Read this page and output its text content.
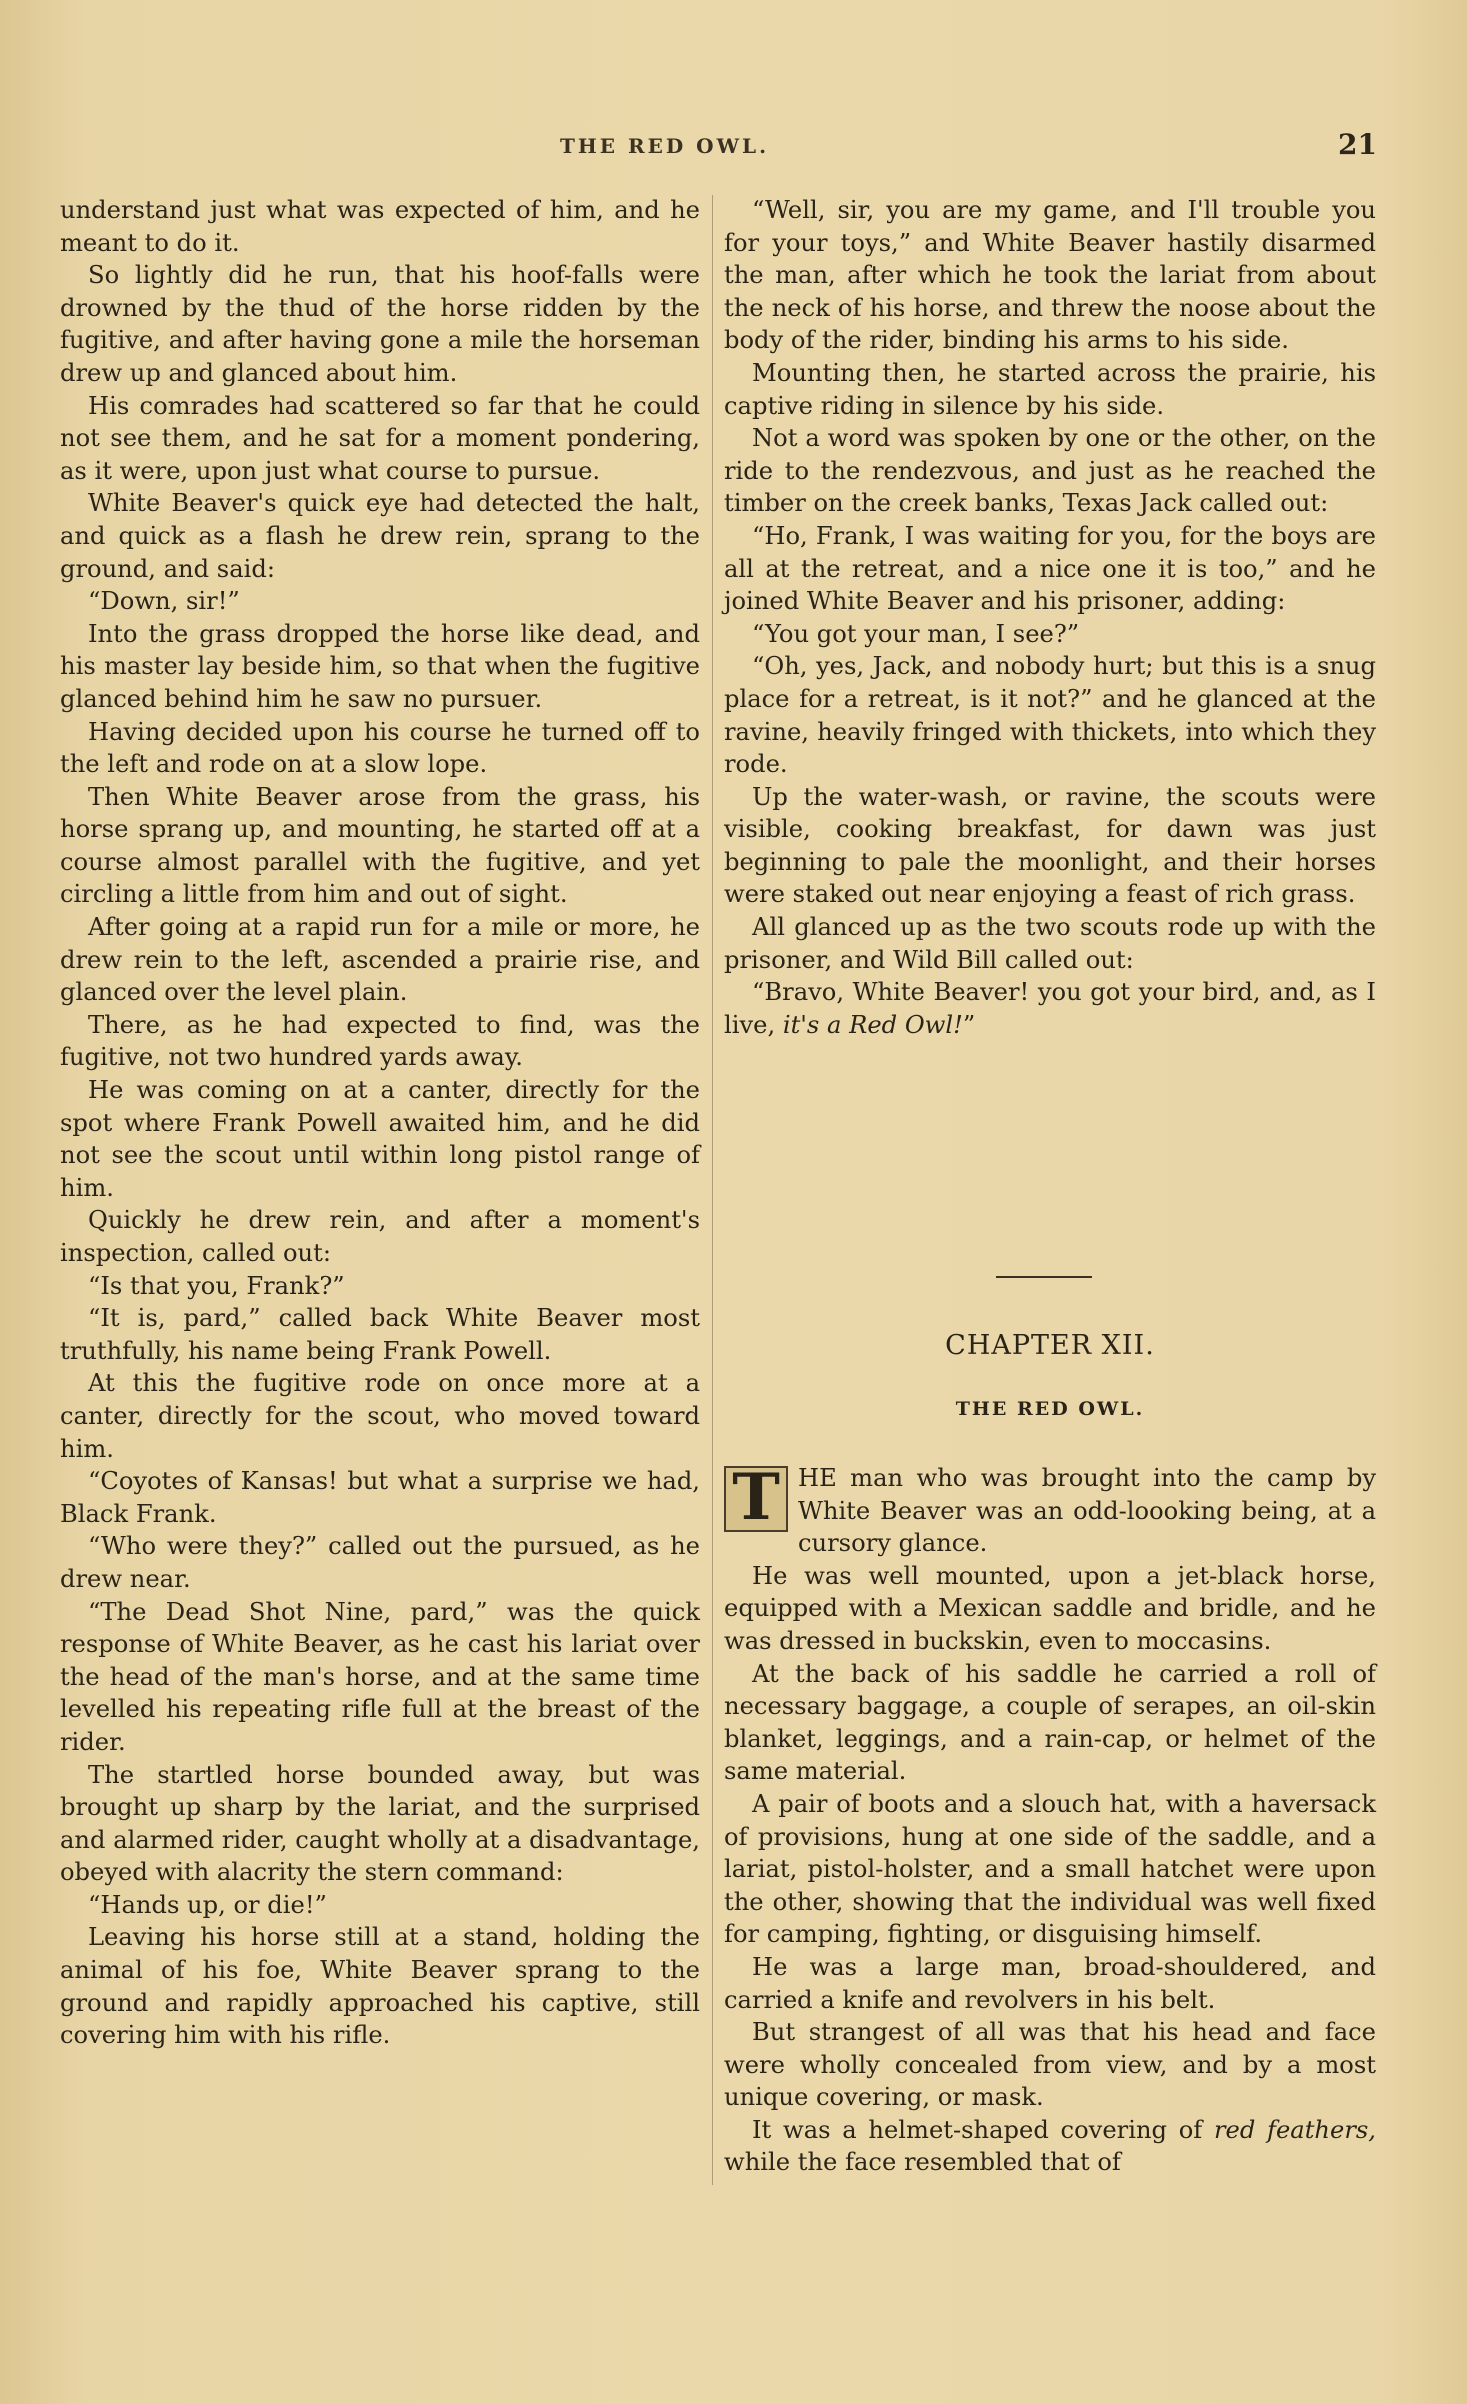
THE RED OWL.	21

understand just what was expected of him, and he meant to do it.

So lightly did he run, that his hoof-falls were drowned by the thud of the horse ridden by the fugitive, and after having gone a mile the horseman drew up and glanced about him.

His comrades had scattered so far that he could not see them, and he sat for a moment pondering, as it were, upon just what course to pursue.

White Beaver's quick eye had detected the halt, and quick as a flash he drew rein, sprang to the ground, and said:

“Down, sir!”

Into the grass dropped the horse like dead, and his master lay beside him, so that when the fugitive glanced behind him he saw no pursuer.

Having decided upon his course he turned off to the left and rode on at a slow lope.

Then White Beaver arose from the grass, his horse sprang up, and mounting, he started off at a course almost parallel with the fugitive, and yet circling a little from him and out of sight.

After going at a rapid run for a mile or more, he drew rein to the left, ascended a prairie rise, and glanced over the level plain.

There, as he had expected to find, was the fugitive, not two hundred yards away.

He was coming on at a canter, directly for the spot where Frank Powell awaited him, and he did not see the scout until within long pistol range of him.

Quickly he drew rein, and after a moment's inspection, called out:

“Is that you, Frank?”

“It is, pard,” called back White Beaver most truthfully, his name being Frank Powell.

At this the fugitive rode on once more at a canter, directly for the scout, who moved toward him.

“Coyotes of Kansas! but what a surprise we had, Black Frank.

“Who were they?” called out the pursued, as he drew near.

“The Dead Shot Nine, pard,” was the quick response of White Beaver, as he cast his lariat over the head of the man's horse, and at the same time levelled his repeating rifle full at the breast of the rider.

The startled horse bounded away, but was brought up sharp by the lariat, and the surprised and alarmed rider, caught wholly at a disadvantage, obeyed with alacrity the stern command:

“Hands up, or die!”

Leaving his horse still at a stand, holding the animal of his foe, White Beaver sprang to the ground and rapidly approached his captive, still covering him with his rifle.

“Well, sir, you are my game, and I'll trouble you for your toys,” and White Beaver hastily disarmed the man, after which he took the lariat from about the neck of his horse, and threw the noose about the body of the rider, binding his arms to his side.

Mounting then, he started across the prairie, his captive riding in silence by his side.

Not a word was spoken by one or the other, on the ride to the rendezvous, and just as he reached the timber on the creek banks, Texas Jack called out:

“Ho, Frank, I was waiting for you, for the boys are all at the retreat, and a nice one it is too,” and he joined White Beaver and his prisoner, adding:

“You got your man, I see?”

“Oh, yes, Jack, and nobody hurt; but this is a snug place for a retreat, is it not?” and he glanced at the ravine, heavily fringed with thickets, into which they rode.

Up the water-wash, or ravine, the scouts were visible, cooking breakfast, for dawn was just beginning to pale the moonlight, and their horses were staked out near enjoying a feast of rich grass.

All glanced up as the two scouts rode up with the prisoner, and Wild Bill called out:

“Bravo, White Beaver! you got your bird, and, as I live, it's a Red Owl!”

CHAPTER XII.
THE RED OWL.

T HE man who was brought into the camp by White Beaver was an odd-loooking being, at a cursory glance.

He was well mounted, upon a jet-black horse, equipped with a Mexican saddle and bridle, and he was dressed in buckskin, even to moccasins.

At the back of his saddle he carried a roll of necessary baggage, a couple of serapes, an oil-skin blanket, leggings, and a rain-cap, or helmet of the same material.

A pair of boots and a slouch hat, with a haversack of provisions, hung at one side of the saddle, and a lariat, pistol-holster, and a small hatchet were upon the other, showing that the individual was well fixed for camping, fighting, or disguising himself.

He was a large man, broad-shouldered, and carried a knife and revolvers in his belt.

But strangest of all was that his head and face were wholly concealed from view, and by a most unique covering, or mask.

It was a helmet-shaped covering of red feathers, while the face resembled that of
